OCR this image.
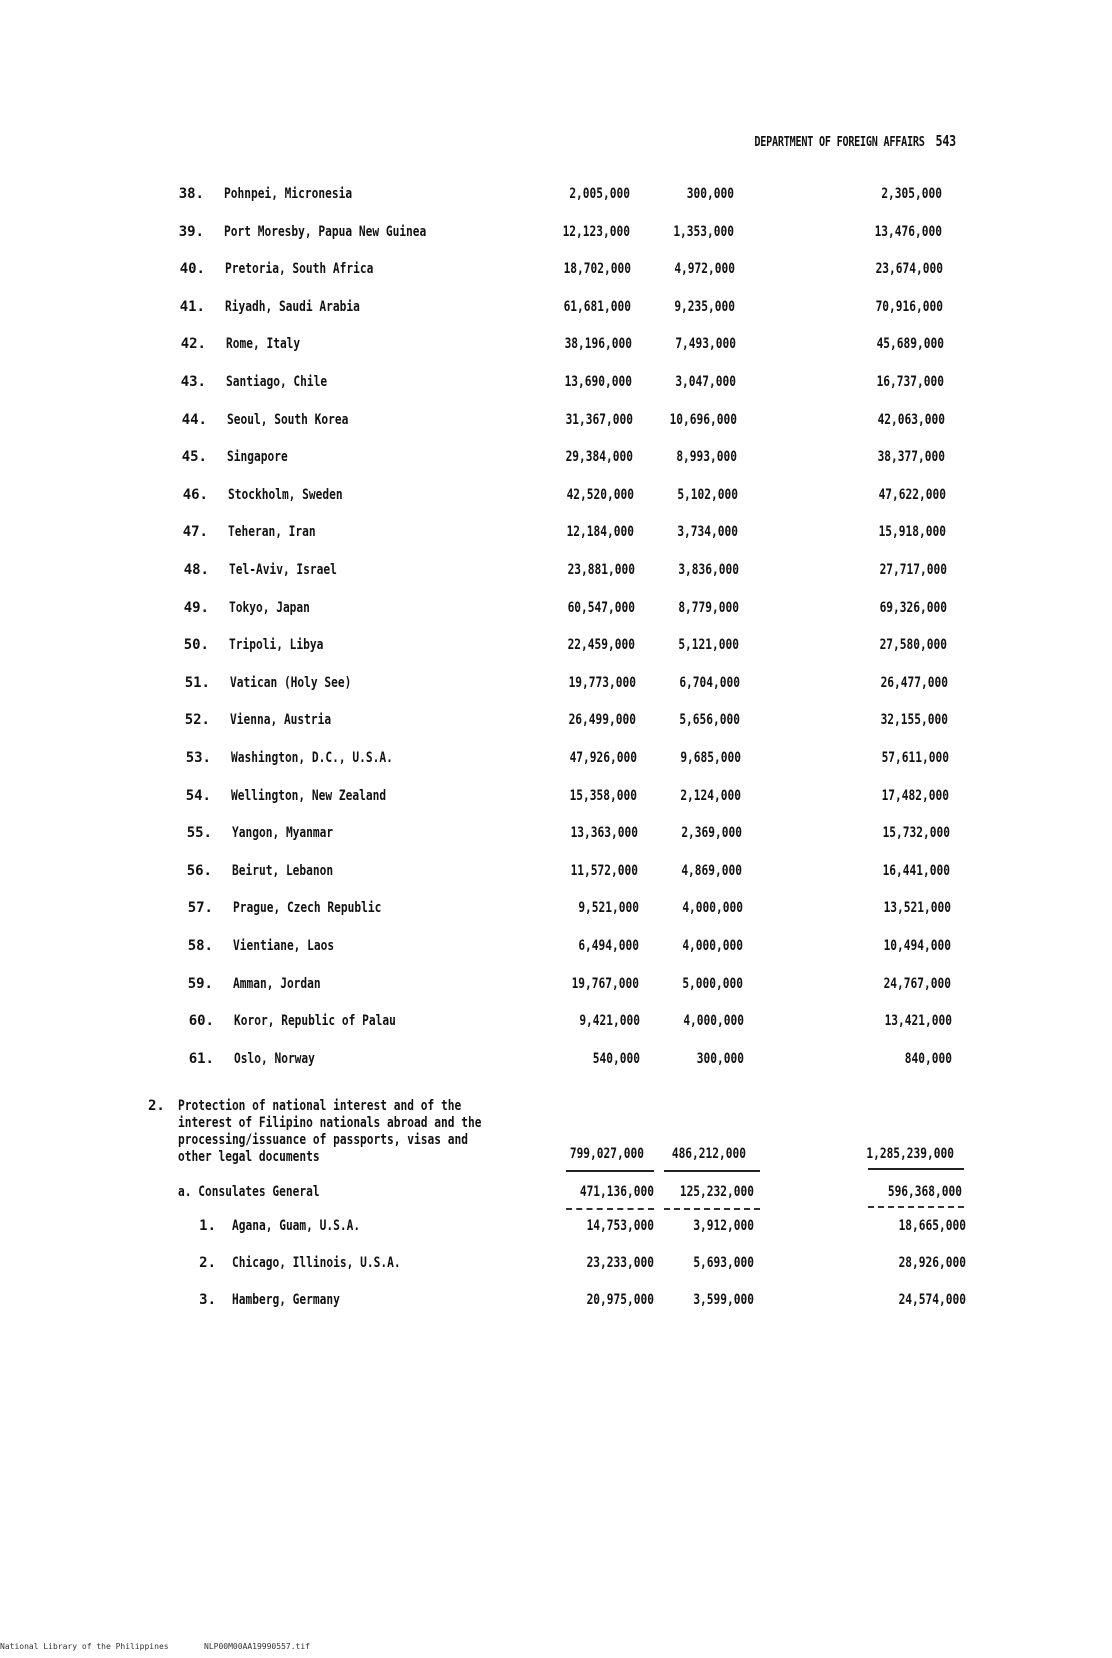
DEPARTMENT OF FOREIGN AFFAIRS 543
38. Pohnpei, Micronesia	2,005,000	300,000	2,305,000
39. Port Moresby, Papua New Guinea	12,123,000	1,353,000	13,476,000
40. Pretoria, South Africa	18,702,000	4,972,000	23,674,000
41. Riyadh, Saudi Arabia	61,681,000	9,235,000	70,916,000
42. Rome, Italy	38,196,000	7,493,000	45,689,000
43. Santiago, Chile	13,690,000	3,047,000	16,737,000
44. Seoul, South Korea	31,367,000	10,696,000	42,063,000
45. Singapore	29,384,000	8,993,000	38,377,000
46. Stockholm, Sweden	42,520,000	5,102,000	47,622,000
47. Teheran, Iran	12,184,000	3,734,000	15,918,000
48. Tel-Aviv, Israel	23,881,000	3,836,000	27,717,000
49. Tokyo, Japan	60,547,000	8,779,000	69,326,000
50. Tripoli, Libya	22,459,000	5,121,000	27,580,000
51. Vatican (Holy See)	19,773,000	6,704,000	26,477,000
52. Vienna, Austria	26,499,000	5,656,000	32,155,000
53. Washington, D.C., U.S.A.	47,926,000	9,685,000	57,611,000
54. Wellington, New Zealand	15,358,000	2,124,000	17,482,000
55. Yangon, Myanmar	13,363,000	2,369,000	15,732,000
56. Beirut, Lebanon	11,572,000	4,869,000	16,441,000
57. Prague, Czech Republic	9,521,000	4,000,000	13,521,000
58. Vientiane, Laos	6,494,000	4,000,000	10,494,000
59. Amman, Jordan	19,767,000	5,000,000	24,767,000
60. Koror, Republic of Palau	9,421,000	4,000,000	13,421,000
61. Oslo, Norway	540,000	300,000	840,000
2. Protection of national interest and of the
interest of Filipino nationals abroad and the
processing/issuance of passports, visas and
other legal documents	799,027,000	486,212,000	1,285,239,000
a. Consulates General	471,136,000	125,232,000	596,368,000
1. Agana, Guam, U.S.A.	14,753,000	3,912,000	18,665,000
2. Chicago, Illinois, U.S.A.	23,233,000	5,693,000	28,926,000
3. Hamberg, Germany	20,975,000	3,599,000	24,574,000
National Library of the Philippines	NLP00M00AA19990557.tif
